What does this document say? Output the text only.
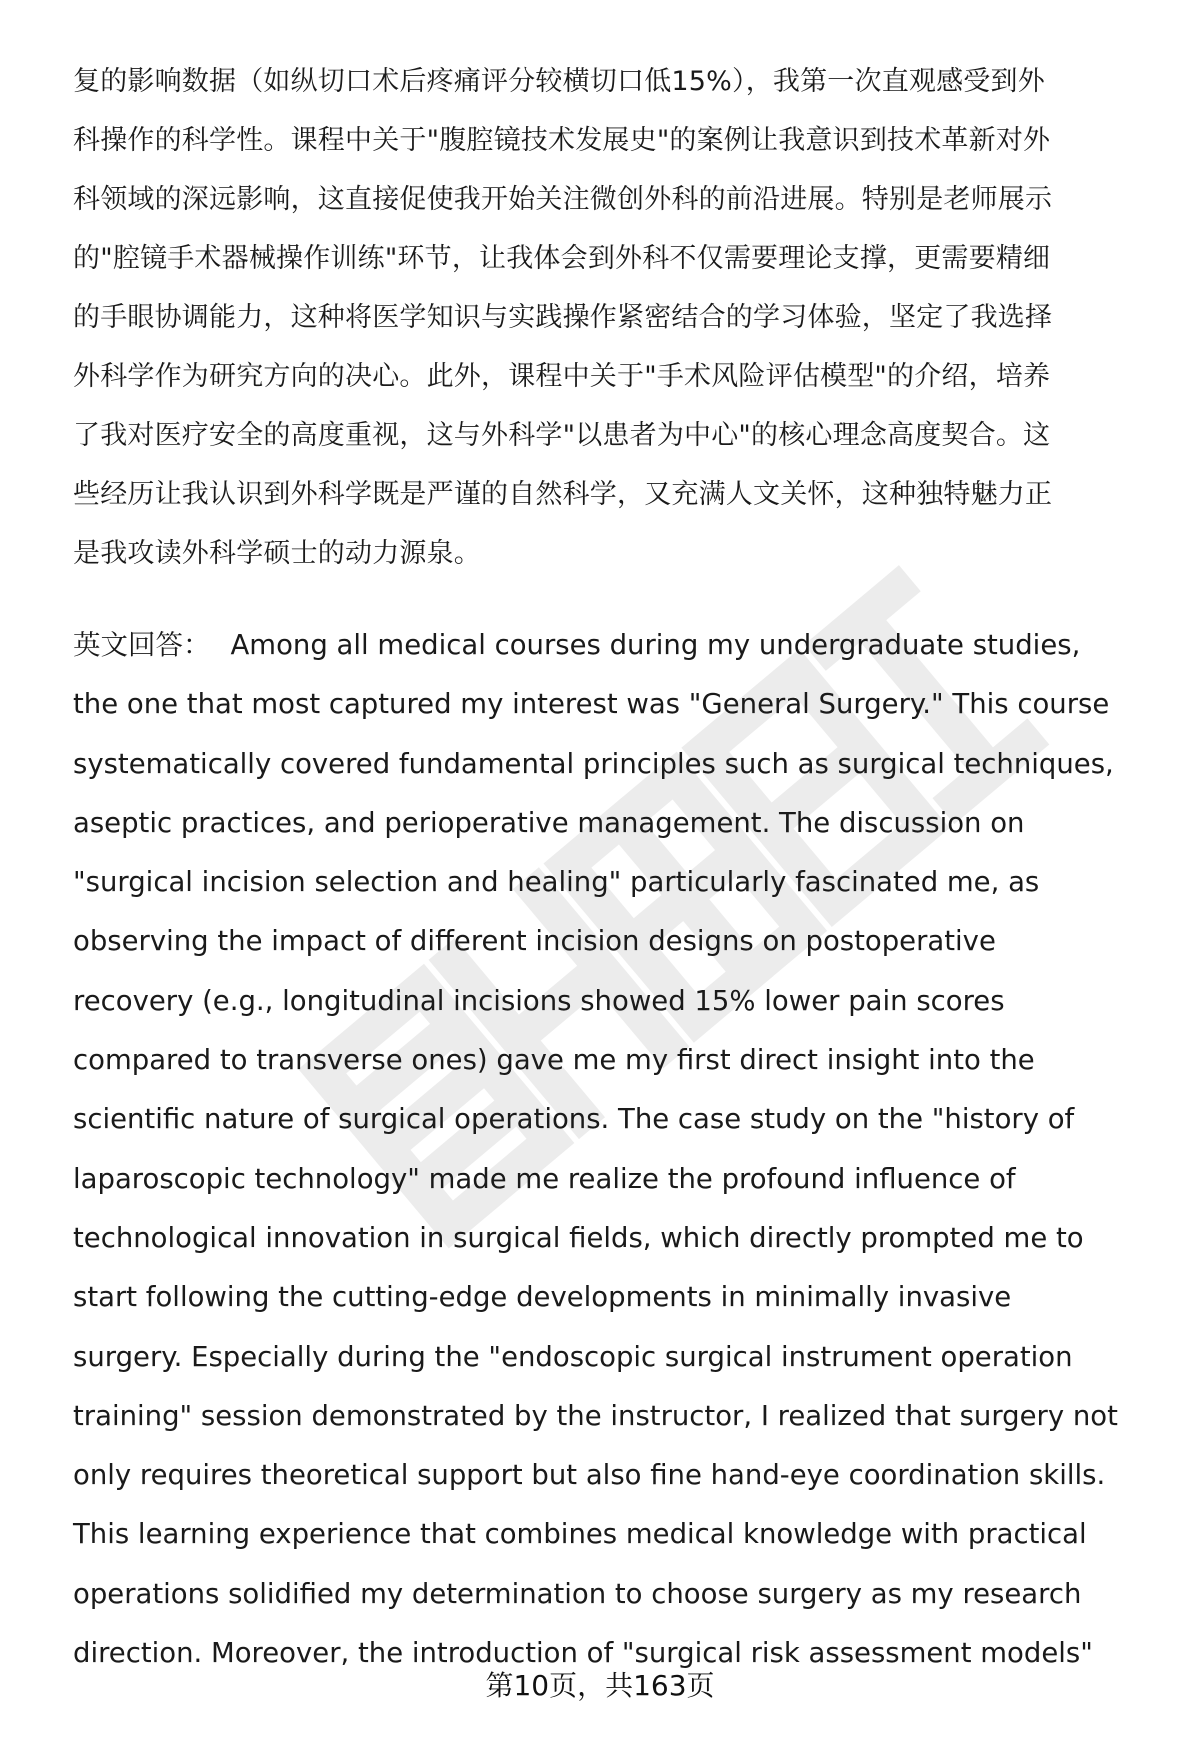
复的影响数据（如纵切口术后疼痛评分较横切口低15%），我第一次直观感受到外
科操作的科学性。课程中关于"腹腔镜技术发展史"的案例让我意识到技术革新对外
科领域的深远影响，这直接促使我开始关注微创外科的前沿进展。特别是老师展示
的"腔镜手术器械操作训练"环节，让我体会到外科不仅需要理论支撑，更需要精细
的手眼协调能力，这种将医学知识与实践操作紧密结合的学习体验，坚定了我选择
外科学作为研究方向的决心。此外，课程中关于"手术风险评估模型"的介绍，培养
了我对医疗安全的高度重视，这与外科学"以患者为中心"的核心理念高度契合。这
些经历让我认识到外科学既是严谨的自然科学，又充满人文关怀，这种独特魅力正
是我攻读外科学硕士的动力源泉。
英文回答： Among all medical courses during my undergraduate studies,
the one that most captured my interest was "General Surgery." This course
systematically covered fundamental principles such as surgical techniques,
aseptic practices, and perioperative management. The discussion on
"surgical incision selection and healing" particularly fascinated me, as
observing the impact of different incision designs on postoperative
recovery (e.g., longitudinal incisions showed 15% lower pain scores
compared to transverse ones) gave me my first direct insight into the
scientific nature of surgical operations. The case study on the "history of
laparoscopic technology" made me realize the profound influence of
technological innovation in surgical fields, which directly prompted me to
start following the cutting-edge developments in minimally invasive
surgery. Especially during the "endoscopic surgical instrument operation
training" session demonstrated by the instructor, I realized that surgery not
only requires theoretical support but also fine hand-eye coordination skills.
This learning experience that combines medical knowledge with practical
operations solidified my determination to choose surgery as my research
direction. Moreover, the introduction of "surgical risk assessment models"
第10页，共163页
